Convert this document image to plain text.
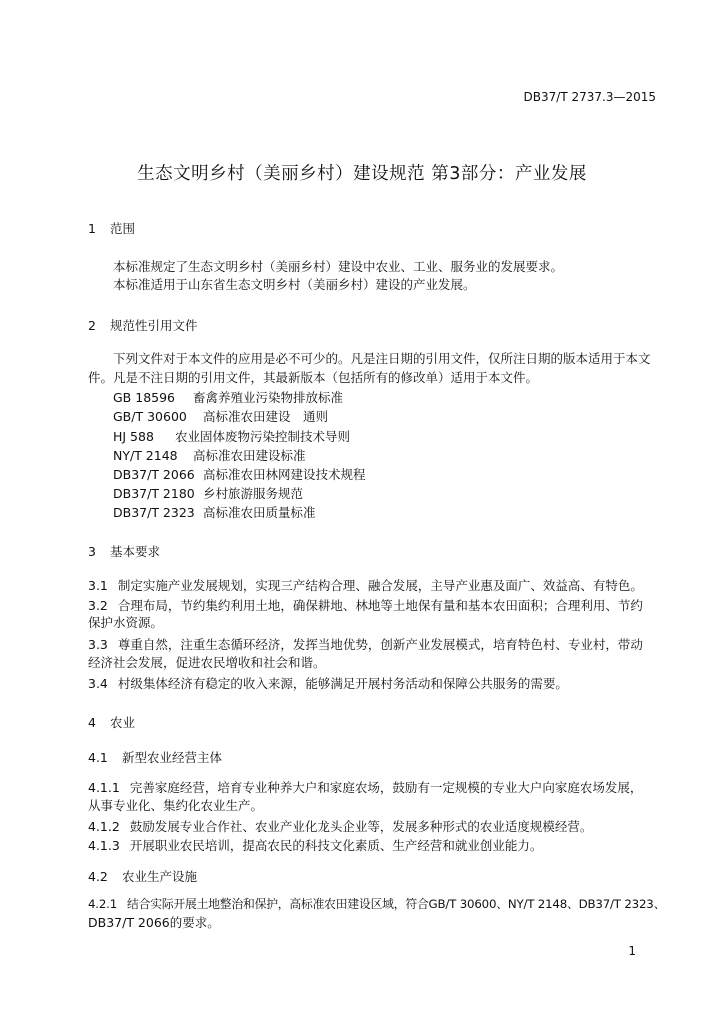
DB37/T 2737.3—2015
生态文明乡村（美丽乡村）建设规范 第3部分：产业发展
1 范围
本标准规定了生态文明乡村（美丽乡村）建设中农业、工业、服务业的发展要求。
本标准适用于山东省生态文明乡村（美丽乡村）建设的产业发展。
2 规范性引用文件
下列文件对于本文件的应用是必不可少的。凡是注日期的引用文件，仅所注日期的版本适用于本文
件。凡是不注日期的引用文件，其最新版本（包括所有的修改单）适用于本文件。
GB 18596 畜禽养殖业污染物排放标准
GB/T 30600 高标准农田建设　通则
HJ 588 农业固体废物污染控制技术导则
NY/T 2148 高标准农田建设标准
DB37/T 2066 高标准农田林网建设技术规程
DB37/T 2180 乡村旅游服务规范
DB37/T 2323 高标准农田质量标准
3 基本要求
3.1 制定实施产业发展规划，实现三产结构合理、融合发展，主导产业惠及面广、效益高、有特色。
3.2 合理布局，节约集约利用土地，确保耕地、林地等土地保有量和基本农田面积；合理利用、节约
保护水资源。
3.3 尊重自然，注重生态循环经济，发挥当地优势，创新产业发展模式，培育特色村、专业村，带动
经济社会发展，促进农民增收和社会和谐。
3.4 村级集体经济有稳定的收入来源，能够满足开展村务活动和保障公共服务的需要。
4 农业
4.1 新型农业经营主体
4.1.1 完善家庭经营，培育专业种养大户和家庭农场，鼓励有一定规模的专业大户向家庭农场发展，
从事专业化、集约化农业生产。
4.1.2 鼓励发展专业合作社、农业产业化龙头企业等，发展多种形式的农业适度规模经营。
4.1.3 开展职业农民培训，提高农民的科技文化素质、生产经营和就业创业能力。
4.2 农业生产设施
4.2.1 结合实际开展土地整治和保护，高标准农田建设区域，符合GB/T 30600、NY/T 2148、DB37/T 2323、
DB37/T 2066的要求。
1
